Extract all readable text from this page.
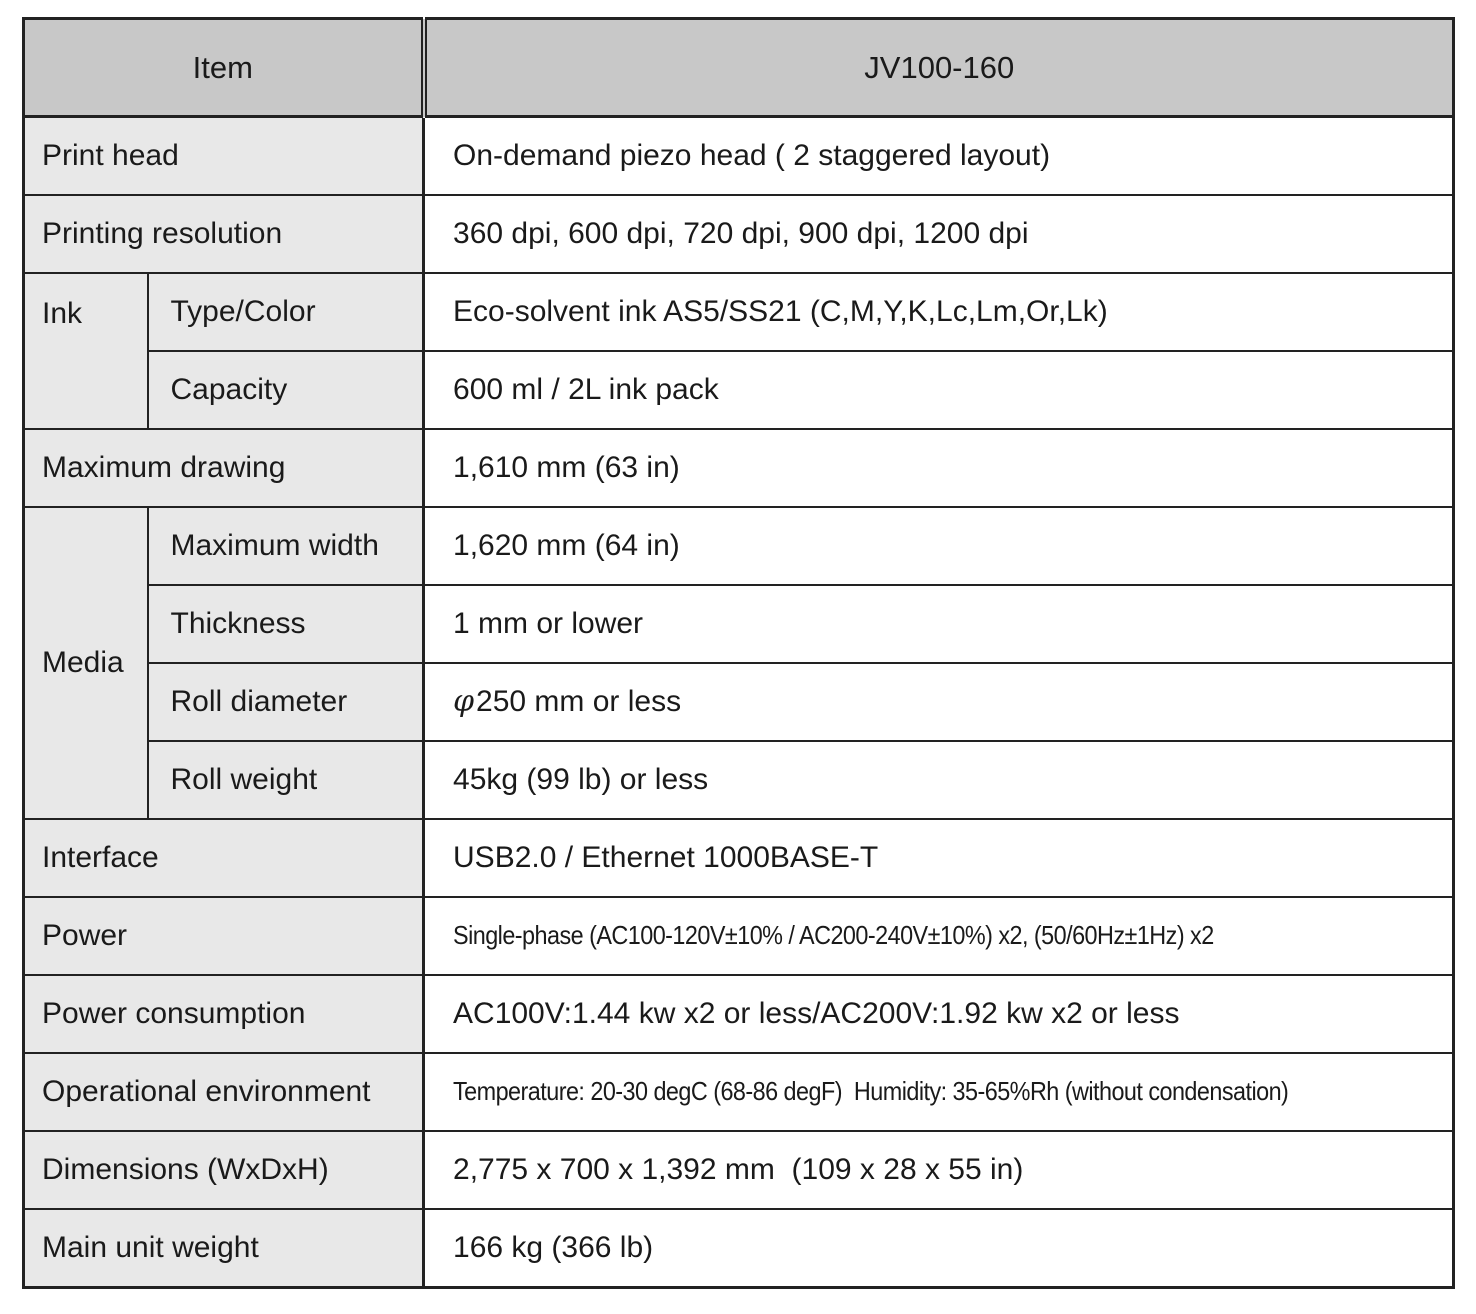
Item		JV100-160
Print head		On-demand piezo head ( 2 staggered layout)
Printing resolution		360 dpi, 600 dpi, 720 dpi, 900 dpi, 1200 dpi
Ink	Type/Color	Eco-solvent ink AS5/SS21 (C,M,Y,K,Lc,Lm,Or,Lk)
	Capacity	600 ml / 2L ink pack
Maximum drawing		1,610 mm (63 in)
Media	Maximum width	1,620 mm (64 in)
	Thickness	1 mm or lower
	Roll diameter	φ250 mm or less
	Roll weight	45kg (99 lb) or less
Interface		USB2.0 / Ethernet 1000BASE-T
Power		Single-phase (AC100-120V±10% / AC200-240V±10%) x2, (50/60Hz±1Hz) x2
Power consumption		AC100V:1.44 kw x2 or less/AC200V:1.92 kw x2 or less
Operational environment		Temperature: 20-30 degC (68-86 degF)  Humidity: 35-65%Rh (without condensation)
Dimensions (WxDxH)		2,775 x 700 x 1,392 mm  (109 x 28 x 55 in)
Main unit weight		166 kg (366 lb)
